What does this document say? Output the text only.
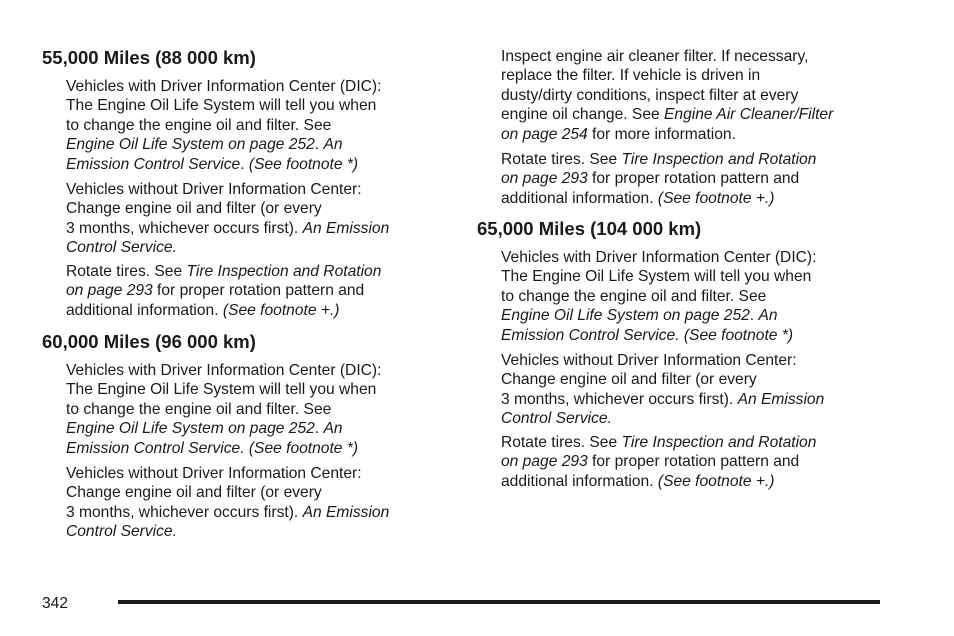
55,000 Miles (88 000 km)
Vehicles with Driver Information Center (DIC):
The Engine Oil Life System will tell you when
to change the engine oil and filter. See
Engine Oil Life System on page 252. An
Emission Control Service. (See footnote *)
Vehicles without Driver Information Center:
Change engine oil and filter (or every
3 months, whichever occurs first). An Emission
Control Service.
Rotate tires. See Tire Inspection and Rotation
on page 293 for proper rotation pattern and
additional information. (See footnote +.)
60,000 Miles (96 000 km)
Vehicles with Driver Information Center (DIC):
The Engine Oil Life System will tell you when
to change the engine oil and filter. See
Engine Oil Life System on page 252. An
Emission Control Service. (See footnote *)
Vehicles without Driver Information Center:
Change engine oil and filter (or every
3 months, whichever occurs first). An Emission
Control Service.
Inspect engine air cleaner filter. If necessary,
replace the filter. If vehicle is driven in
dusty/dirty conditions, inspect filter at every
engine oil change. See Engine Air Cleaner/Filter
on page 254 for more information.
Rotate tires. See Tire Inspection and Rotation
on page 293 for proper rotation pattern and
additional information. (See footnote +.)
65,000 Miles (104 000 km)
Vehicles with Driver Information Center (DIC):
The Engine Oil Life System will tell you when
to change the engine oil and filter. See
Engine Oil Life System on page 252. An
Emission Control Service. (See footnote *)
Vehicles without Driver Information Center:
Change engine oil and filter (or every
3 months, whichever occurs first). An Emission
Control Service.
Rotate tires. See Tire Inspection and Rotation
on page 293 for proper rotation pattern and
additional information. (See footnote +.)
342
